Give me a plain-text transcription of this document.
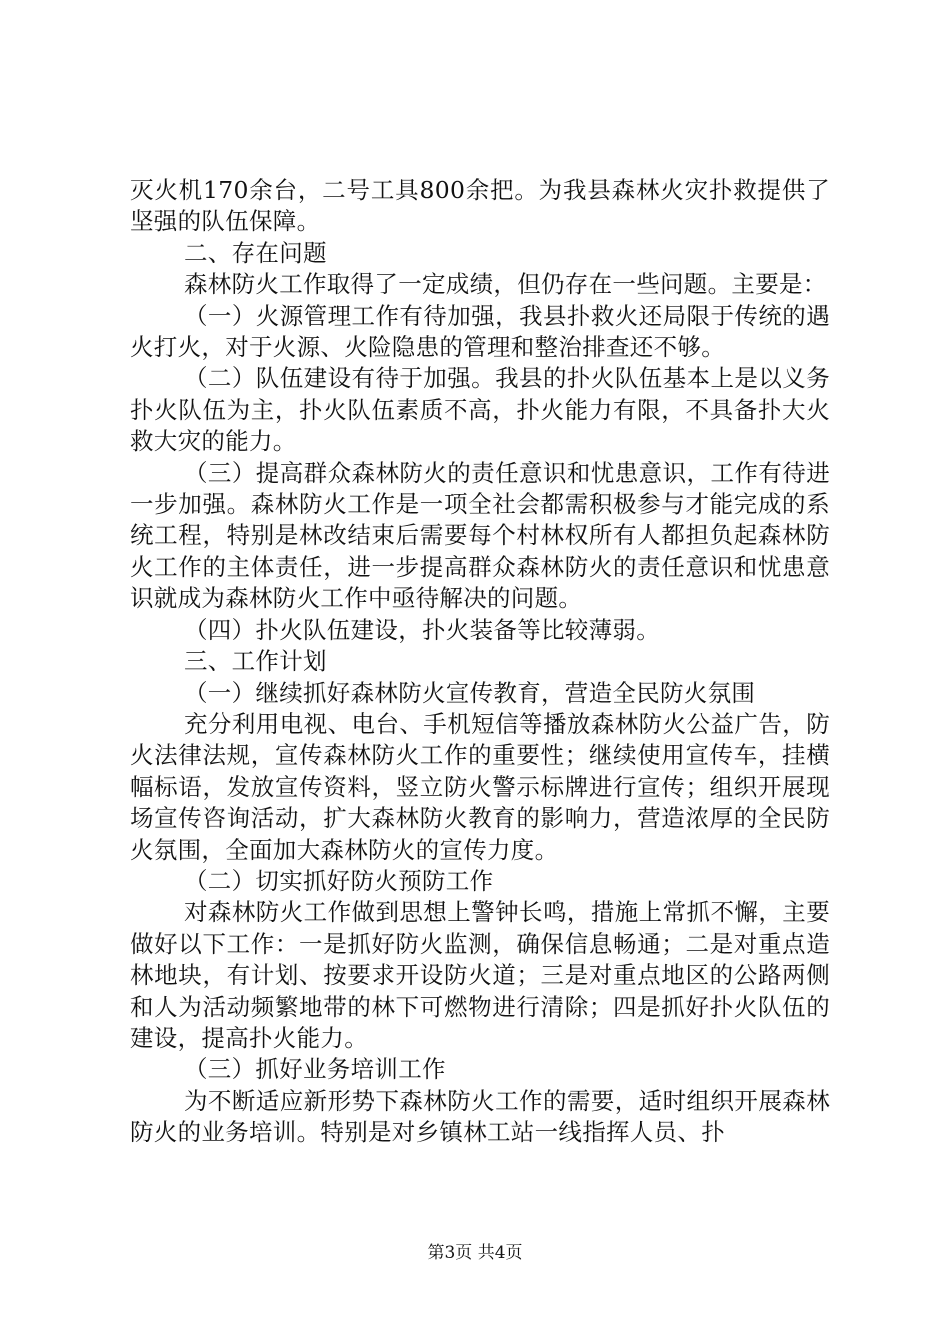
灭火机170余台，二号工具800余把。为我县森林火灾扑救提供了坚强的队伍保障。

二、存在问题

森林防火工作取得了一定成绩，但仍存在一些问题。主要是：

（一）火源管理工作有待加强，我县扑救火还局限于传统的遇火打火，对于火源、火险隐患的管理和整治排查还不够。

（二）队伍建设有待于加强。我县的扑火队伍基本上是以义务扑火队伍为主，扑火队伍素质不高，扑火能力有限，不具备扑大火救大灾的能力。

（三）提高群众森林防火的责任意识和忧患意识，工作有待进一步加强。森林防火工作是一项全社会都需积极参与才能完成的系统工程，特别是林改结束后需要每个村林权所有人都担负起森林防火工作的主体责任，进一步提高群众森林防火的责任意识和忧患意识就成为森林防火工作中亟待解决的问题。

（四）扑火队伍建设，扑火装备等比较薄弱。

三、工作计划

（一）继续抓好森林防火宣传教育，营造全民防火氛围

充分利用电视、电台、手机短信等播放森林防火公益广告，防火法律法规，宣传森林防火工作的重要性；继续使用宣传车，挂横幅标语，发放宣传资料，竖立防火警示标牌进行宣传；组织开展现场宣传咨询活动，扩大森林防火教育的影响力，营造浓厚的全民防火氛围，全面加大森林防火的宣传力度。

（二）切实抓好防火预防工作

对森林防火工作做到思想上警钟长鸣，措施上常抓不懈，主要做好以下工作：一是抓好防火监测，确保信息畅通；二是对重点造林地块，有计划、按要求开设防火道；三是对重点地区的公路两侧和人为活动频繁地带的林下可燃物进行清除；四是抓好扑火队伍的建设，提高扑火能力。

（三）抓好业务培训工作

为不断适应新形势下森林防火工作的需要，适时组织开展森林防火的业务培训。特别是对乡镇林工站一线指挥人员、扑

第3页 共4页
